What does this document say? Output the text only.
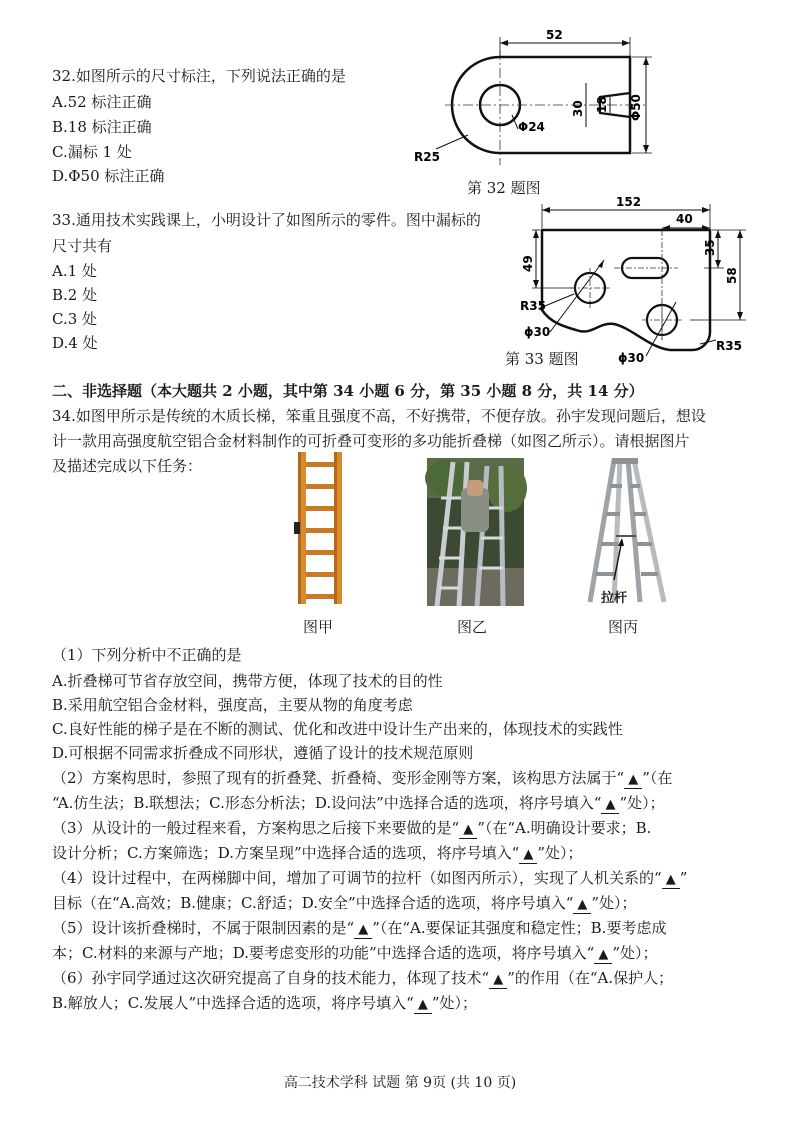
32.如图所示的尺寸标注，下列说法正确的是
A.52 标注正确
B.18 标注正确
C.漏标 1 处
D.Φ50 标注正确
52
Φ50
30 18
Φ24
R25
第 32 题图
33.通用技术实践课上，小明设计了如图所示的零件。图中漏标的
尺寸共有
A.1 处
B.2 处
C.3 处
D.4 处
152
40
35
58
49
R35
ϕ30
ϕ30
R35
第 33 题图
二、非选择题（本大题共 2 小题，其中第 34 小题 6 分，第 35 小题 8 分，共 14 分）
34.如图甲所示是传统的木质长梯，笨重且强度不高，不好携带，不便存放。孙宇发现问题后，想设
计一款用高强度航空铝合金材料制作的可折叠可变形的多功能折叠梯（如图乙所示）。请根据图片
及描述完成以下任务：
拉杆
图甲	图乙	图丙
（1）下列分析中不正确的是
A.折叠梯可节省存放空间，携带方便，体现了技术的目的性
B.采用航空铝合金材料，强度高，主要从物的角度考虑
C.良好性能的梯子是在不断的测试、优化和改进中设计生产出来的，体现技术的实践性
D.可根据不同需求折叠成不同形状，遵循了设计的技术规范原则
（2）方案构思时，参照了现有的折叠凳、折叠椅、变形金刚等方案，该构思方法属于“ ▲ ”（在
“A.仿生法；B.联想法；C.形态分析法；D.设问法”中选择合适的选项，将序号填入“ ▲ ”处）；
（3）从设计的一般过程来看，方案构思之后接下来要做的是“ ▲ ”（在“A.明确设计要求；B.
设计分析；C.方案筛选；D.方案呈现”中选择合适的选项，将序号填入“ ▲ ”处）；
（4）设计过程中，在两梯脚中间，增加了可调节的拉杆（如图丙所示），实现了人机关系的“ ▲ ”
目标（在“A.高效；B.健康；C.舒适；D.安全”中选择合适的选项，将序号填入“ ▲ ”处）；
（5）设计该折叠梯时，不属于限制因素的是“ ▲ ”（在“A.要保证其强度和稳定性；B.要考虑成
本；C.材料的来源与产地；D.要考虑变形的功能”中选择合适的选项，将序号填入“ ▲ ”处）；
（6）孙宇同学通过这次研究提高了自身的技术能力，体现了技术“ ▲ ”的作用（在“A.保护人；
B.解放人；C.发展人”中选择合适的选项，将序号填入“ ▲ ”处）；
高二技术学科 试题 第 9页 (共 10 页)
